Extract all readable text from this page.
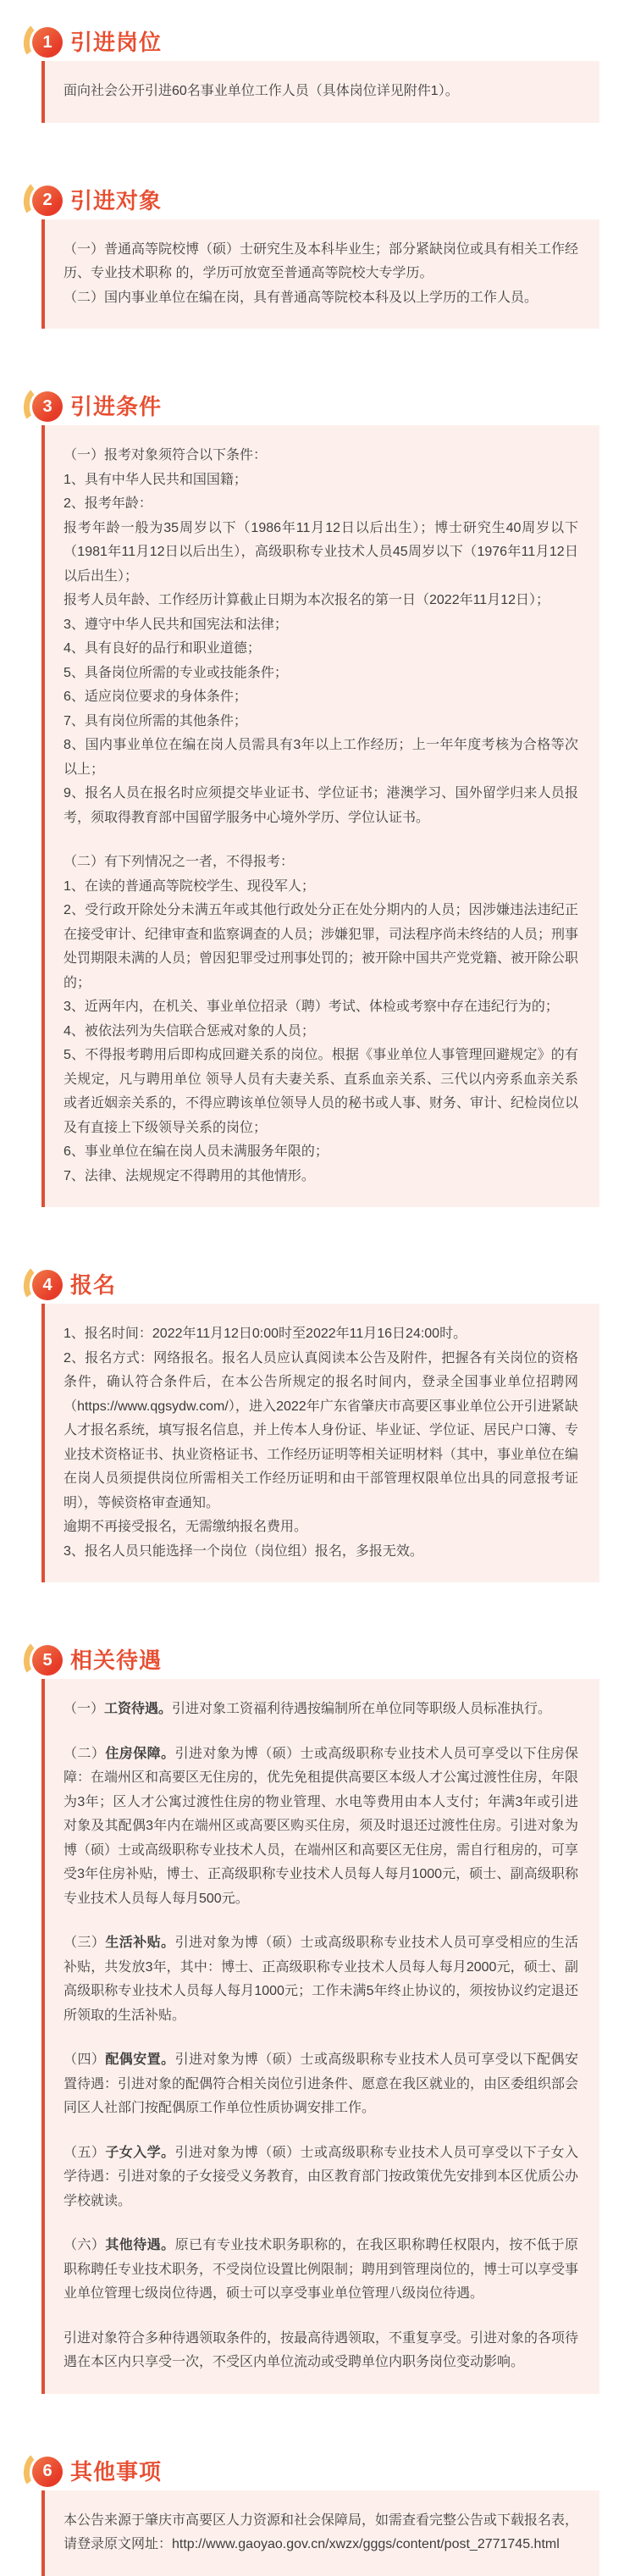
1 引进岗位

面向社会公开引进60名事业单位工作人员（具体岗位详见附件1）。

2 引进对象

（一）普通高等院校博（硕）士研究生及本科毕业生；部分紧缺岗位或具有相关工作经历、专业技术职称 的，学历可放宽至普通高等院校大专学历。

（二）国内事业单位在编在岗，具有普通高等院校本科及以上学历的工作人员。

3 引进条件

（一）报考对象须符合以下条件：

1、具有中华人民共和国国籍；

2、报考年龄：

报考年龄一般为35周岁以下（1986年11月12日以后出生）；博士研究生40周岁以下（1981年11月12日以后出生），高级职称专业技术人员45周岁以下（1976年11月12日以后出生）；

报考人员年龄、工作经历计算截止日期为本次报名的第一日（2022年11月12日）；

3、遵守中华人民共和国宪法和法律；

4、具有良好的品行和职业道德；

5、具备岗位所需的专业或技能条件；

6、适应岗位要求的身体条件；

7、具有岗位所需的其他条件；

8、国内事业单位在编在岗人员需具有3年以上工作经历；上一年年度考核为合格等次以上；

9、报名人员在报名时应须提交毕业证书、学位证书；港澳学习、国外留学归来人员报考，须取得教育部中国留学服务中心境外学历、学位认证书。

（二）有下列情况之一者，不得报考：

1、在读的普通高等院校学生、现役军人；

2、受行政开除处分未满五年或其他行政处分正在处分期内的人员；因涉嫌违法违纪正在接受审计、纪律审查和监察调查的人员；涉嫌犯罪，司法程序尚未终结的人员；刑事处罚期限未满的人员；曾因犯罪受过刑事处罚的；被开除中国共产党党籍、被开除公职的；

3、近两年内，在机关、事业单位招录（聘）考试、体检或考察中存在违纪行为的；

4、被依法列为失信联合惩戒对象的人员；

5、不得报考聘用后即构成回避关系的岗位。根据《事业单位人事管理回避规定》的有关规定，凡与聘用单位 领导人员有夫妻关系、直系血亲关系、三代以内旁系血亲关系或者近姻亲关系的，不得应聘该单位领导人员的秘书或人事、财务、审计、纪检岗位以及有直接上下级领导关系的岗位；

6、事业单位在编在岗人员未满服务年限的；

7、法律、法规规定不得聘用的其他情形。

4 报名

1、报名时间：2022年11月12日0:00时至2022年11月16日24:00时。

2、报名方式：网络报名。报名人员应认真阅读本公告及附件，把握各有关岗位的资格条件，确认符合条件后，在本公告所规定的报名时间内，登录全国事业单位招聘网（https://www.qgsydw.com/），进入2022年广东省肇庆市高要区事业单位公开引进紧缺人才报名系统，填写报名信息，并上传本人身份证、毕业证、学位证、居民户口簿、专业技术资格证书、执业资格证书、工作经历证明等相关证明材料（其中，事业单位在编在岗人员须提供岗位所需相关工作经历证明和由干部管理权限单位出具的同意报考证明），等候资格审查通知。

逾期不再接受报名，无需缴纳报名费用。

3、报名人员只能选择一个岗位（岗位组）报名，多报无效。

5 相关待遇

（一）工资待遇。引进对象工资福利待遇按编制所在单位同等职级人员标准执行。

（二）住房保障。引进对象为博（硕）士或高级职称专业技术人员可享受以下住房保障：在端州区和高要区无住房的，优先免租提供高要区本级人才公寓过渡性住房，年限为3年；区人才公寓过渡性住房的物业管理、水电等费用由本人支付；年满3年或引进对象及其配偶3年内在端州区或高要区购买住房，须及时退还过渡性住房。引进对象为博（硕）士或高级职称专业技术人员，在端州区和高要区无住房，需自行租房的，可享受3年住房补贴，博士、正高级职称专业技术人员每人每月1000元，硕士、副高级职称专业技术人员每人每月500元。

（三）生活补贴。引进对象为博（硕）士或高级职称专业技术人员可享受相应的生活补贴，共发放3年，其中：博士、正高级职称专业技术人员每人每月2000元，硕士、副高级职称专业技术人员每人每月1000元；工作未满5年终止协议的，须按协议约定退还所领取的生活补贴。

（四）配偶安置。引进对象为博（硕）士或高级职称专业技术人员可享受以下配偶安置待遇：引进对象的配偶符合相关岗位引进条件、愿意在我区就业的，由区委组织部会同区人社部门按配偶原工作单位性质协调安排工作。

（五）子女入学。引进对象为博（硕）士或高级职称专业技术人员可享受以下子女入学待遇：引进对象的子女接受义务教育，由区教育部门按政策优先安排到本区优质公办学校就读。

（六）其他待遇。原已有专业技术职务职称的，在我区职称聘任权限内，按不低于原职称聘任专业技术职务，不受岗位设置比例限制；聘用到管理岗位的，博士可以享受事业单位管理七级岗位待遇，硕士可以享受事业单位管理八级岗位待遇。

引进对象符合多种待遇领取条件的，按最高待遇领取，不重复享受。引进对象的各项待遇在本区内只享受一次，不受区内单位流动或受聘单位内职务岗位变动影响。

6 其他事项

本公告来源于肇庆市高要区人力资源和社会保障局，如需查看完整公告或下载报名表，请登录原文网址：http://www.gaoyao.gov.cn/xwzx/gggs/content/post_2771745.html
